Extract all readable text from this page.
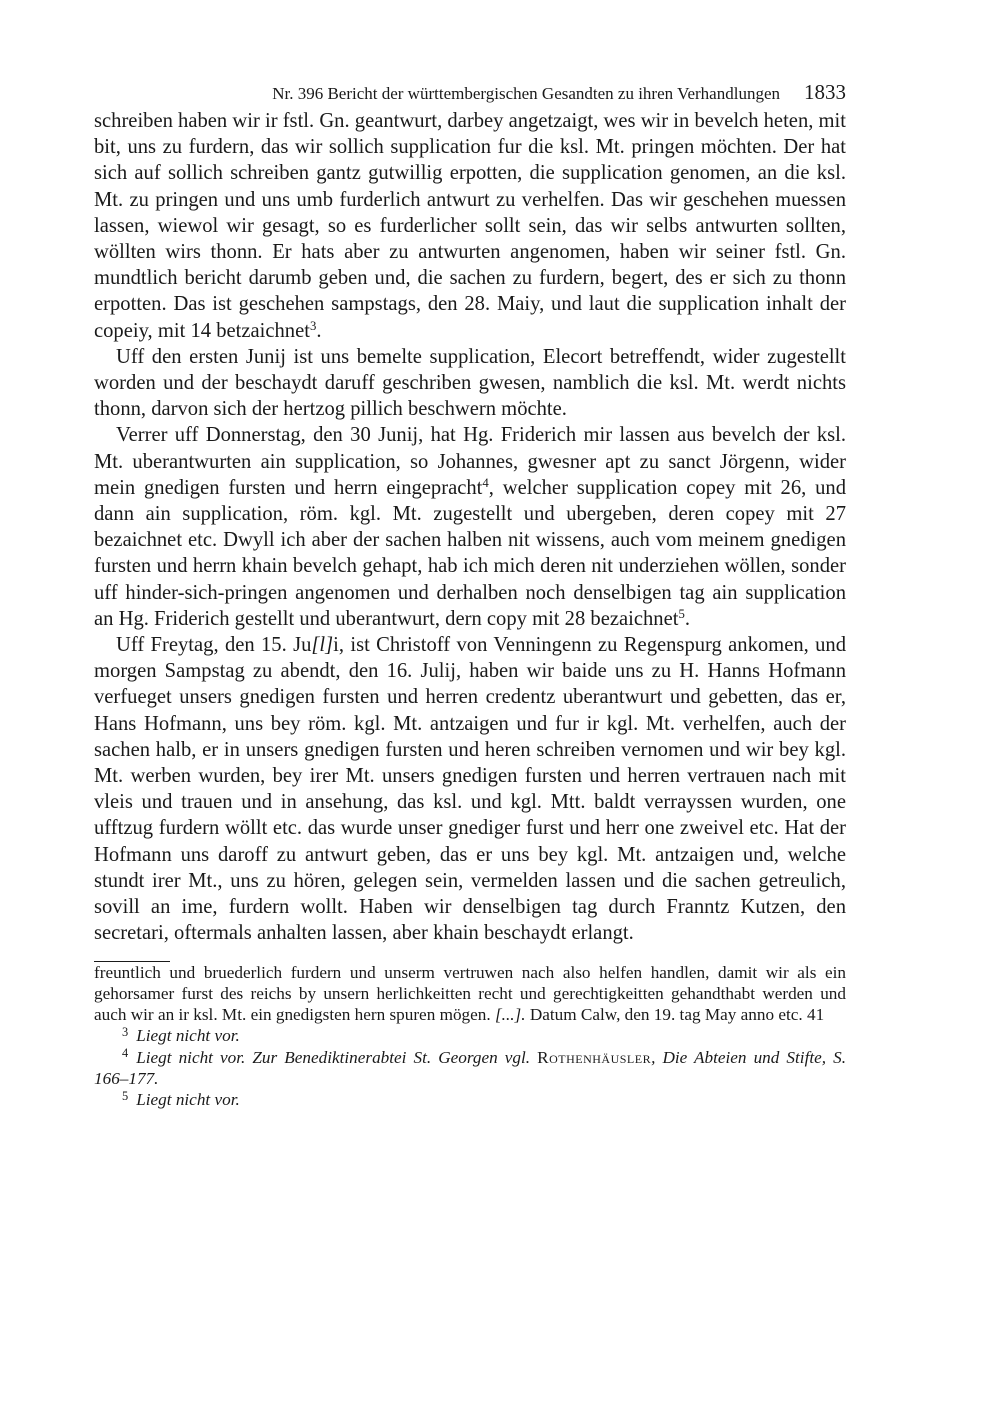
Nr. 396 Bericht der württembergischen Gesandten zu ihren Verhandlungen 1833

schreiben haben wir ir fstl. Gn. geantwurt, darbey angetzaigt, wes wir in bevelch heten, mit bit, uns zu furdern, das wir sollich supplication fur die ksl. Mt. pringen möchten. Der hat sich auf sollich schreiben gantz gutwillig erpotten, die supplication genomen, an die ksl. Mt. zu pringen und uns umb furderlich antwurt zu verhelfen. Das wir geschehen muessen lassen, wiewol wir gesagt, so es furderlicher sollt sein, das wir selbs antwurten sollten, wöllten wirs thonn. Er hats aber zu antwurten angenomen, haben wir seiner fstl. Gn. mundtlich bericht darumb geben und, die sachen zu furdern, begert, des er sich zu thonn erpotten. Das ist geschehen sampstags, den 28. Maiy, und laut die supplication inhalt der copeiy, mit 14 betzaichnet$^3$.

Uff den ersten Junij ist uns bemelte supplication, Elecort betreffendt, wider zugestellt worden und der beschaydt daruff geschriben gwesen, namblich die ksl. Mt. werdt nichts thonn, darvon sich der hertzog pillich beschwern möchte.

Verrer uff Donnerstag, den 30 Junij, hat Hg. Friderich mir lassen aus bevelch der ksl. Mt. uberantwurten ain supplication, so Johannes, gwesner apt zu sanct Jörgenn, wider mein gnedigen fursten und herrn eingepracht$^4$, welcher supplication copey mit 26, und dann ain supplication, röm. kgl. Mt. zugestellt und ubergeben, deren copey mit 27 bezaichnet etc. Dwyll ich aber der sachen halben nit wissens, auch vom meinem gnedigen fursten und herrn khain bevelch gehapt, hab ich mich deren nit underziehen wöllen, sonder uff hinder-sich-pringen angenomen und derhalben noch denselbigen tag ain supplication an Hg. Friderich gestellt und uberantwurt, dern copy mit 28 bezaichnet$^5$.

Uff Freytag, den 15. Ju[l]i, ist Christoff von Venningenn zu Regenspurg ankomen, und morgen Sampstag zu abendt, den 16. Julij, haben wir baide uns zu H. Hanns Hofmann verfueget unsers gnedigen fursten und herren credentz uberantwurt und gebetten, das er, Hans Hofmann, uns bey röm. kgl. Mt. antzaigen und fur ir kgl. Mt. verhelfen, auch der sachen halb, er in unsers gnedigen fursten und heren schreiben vernomen und wir bey kgl. Mt. werben wurden, bey irer Mt. unsers gnedigen fursten und herren vertrauen nach mit vleis und trauen und in ansehung, das ksl. und kgl. Mtt. baldt verrayssen wurden, one ufftzug furdern wöllt etc. das wurde unser gnediger furst und herr one zweivel etc. Hat der Hofmann uns daroff zu antwurt geben, das er uns bey kgl. Mt. antzaigen und, welche stundt irer Mt., uns zu hören, gelegen sein, vermelden lassen und die sachen getreulich, sovill an ime, furdern wollt. Haben wir denselbigen tag durch Franntz Kutzen, den secretari, oftermals anhalten lassen, aber khain beschaydt erlangt.

freuntlich und bruederlich furdern und unserm vertruwen nach also helfen handlen, damit wir als ein gehorsamer furst des reichs by unsern herlichkeitten recht und gerechtigkeitten gehandthabt werden und auch wir an ir ksl. Mt. ein gnedigsten hern spuren mögen. [...]. Datum Calw, den 19. tag May anno etc. 41

$^3$ Liegt nicht vor.

$^4$ Liegt nicht vor. Zur Benediktinerabtei St. Georgen vgl. Rothenhäusler, Die Abteien und Stifte, S. 166–177.

$^5$ Liegt nicht vor.
